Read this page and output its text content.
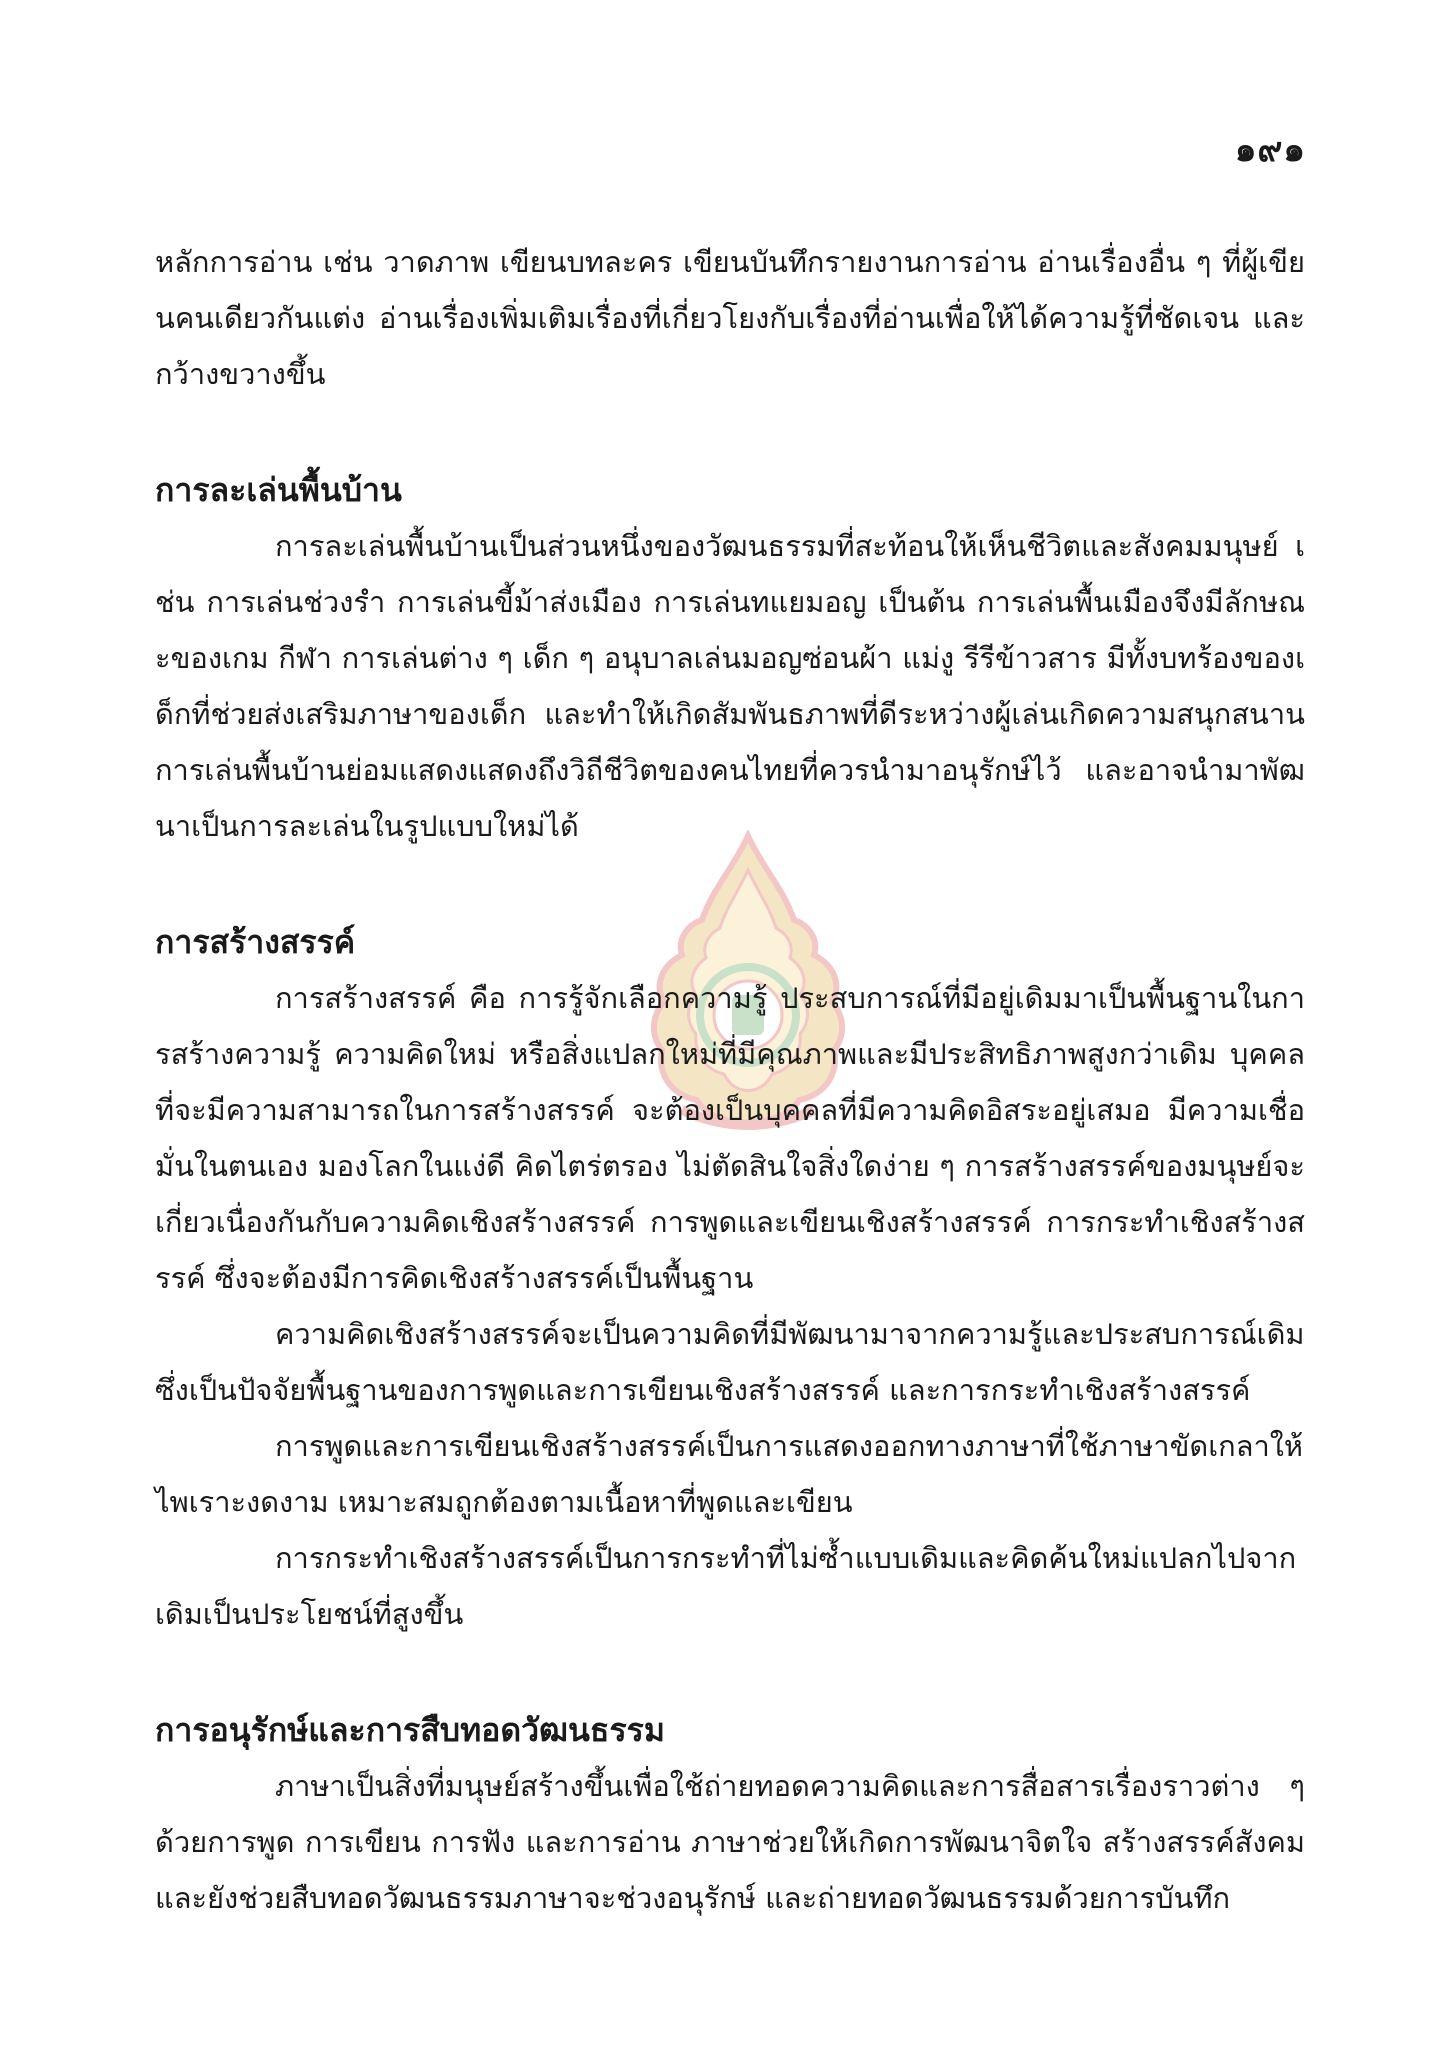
๑๙๑

หลักการอ่าน เช่น วาดภาพ เขียนบทละคร เขียนบันทึกรายงานการอ่าน อ่านเรื่องอื่น ๆ ที่ผู้เขียนคนเดียวกันแต่ง อ่านเรื่องเพิ่มเติมเรื่องที่เกี่ยวโยงกับเรื่องที่อ่านเพื่อให้ได้ความรู้ที่ชัดเจน และกว้างขวางขึ้น

การละเล่นพื้นบ้าน

การละเล่นพื้นบ้านเป็นส่วนหนึ่งของวัฒนธรรมที่สะท้อนให้เห็นชีวิตและสังคมมนุษย์ เช่น การเล่นช่วงรำ การเล่นขี้ม้าส่งเมือง การเล่นทแยมอญ เป็นต้น การเล่นพื้นเมืองจึงมีลักษณะของเกม กีฬา การเล่นต่าง ๆ เด็ก ๆ อนุบาลเล่นมอญซ่อนผ้า แม่งู รีรีข้าวสาร มีทั้งบทร้องของเด็กที่ช่วยส่งเสริมภาษาของเด็ก และทำให้เกิดสัมพันธภาพที่ดีระหว่างผู้เล่นเกิดความสนุกสนาน การเล่นพื้นบ้านย่อมแสดงแสดงถึงวิถีชีวิตของคนไทยที่ควรนำมาอนุรักษ์ไว้ และอาจนำมาพัฒนาเป็นการละเล่นในรูปแบบใหม่ได้

การสร้างสรรค์

การสร้างสรรค์ คือ การรู้จักเลือกความรู้ ประสบการณ์ที่มีอยู่เดิมมาเป็นพื้นฐานในการสร้างความรู้ ความคิดใหม่ หรือสิ่งแปลกใหม่ที่มีคุณภาพและมีประสิทธิภาพสูงกว่าเดิม บุคคลที่จะมีความสามารถในการสร้างสรรค์ จะต้องเป็นบุคคลที่มีความคิดอิสระอยู่เสมอ มีความเชื่อมั่นในตนเอง มองโลกในแง่ดี คิดไตร่ตรอง ไม่ตัดสินใจสิ่งใดง่าย ๆ การสร้างสรรค์ของมนุษย์จะเกี่ยวเนื่องกันกับความคิดเชิงสร้างสรรค์ การพูดและเขียนเชิงสร้างสรรค์ การกระทำเชิงสร้างสรรค์ ซึ่งจะต้องมีการคิดเชิงสร้างสรรค์เป็นพื้นฐาน

ความคิดเชิงสร้างสรรค์จะเป็นความคิดที่มีพัฒนามาจากความรู้และประสบการณ์เดิมซึ่งเป็นปัจจัยพื้นฐานของการพูดและการเขียนเชิงสร้างสรรค์ และการกระทำเชิงสร้างสรรค์

การพูดและการเขียนเชิงสร้างสรรค์เป็นการแสดงออกทางภาษาที่ใช้ภาษาขัดเกลาให้ไพเราะงดงาม เหมาะสมถูกต้องตามเนื้อหาที่พูดและเขียน

การกระทำเชิงสร้างสรรค์เป็นการกระทำที่ไม่ซ้ำแบบเดิมและคิดค้นใหม่แปลกไปจากเดิมเป็นประโยชน์ที่สูงขึ้น

การอนุรักษ์และการสืบทอดวัฒนธรรม

ภาษาเป็นสิ่งที่มนุษย์สร้างขึ้นเพื่อใช้ถ่ายทอดความคิดและการสื่อสารเรื่องราวต่าง ๆ ด้วยการพูด การเขียน การฟัง และการอ่าน ภาษาช่วยให้เกิดการพัฒนาจิตใจ สร้างสรรค์สังคม และยังช่วยสืบทอดวัฒนธรรมภาษาจะช่วงอนุรักษ์ และถ่ายทอดวัฒนธรรมด้วยการบันทึก
